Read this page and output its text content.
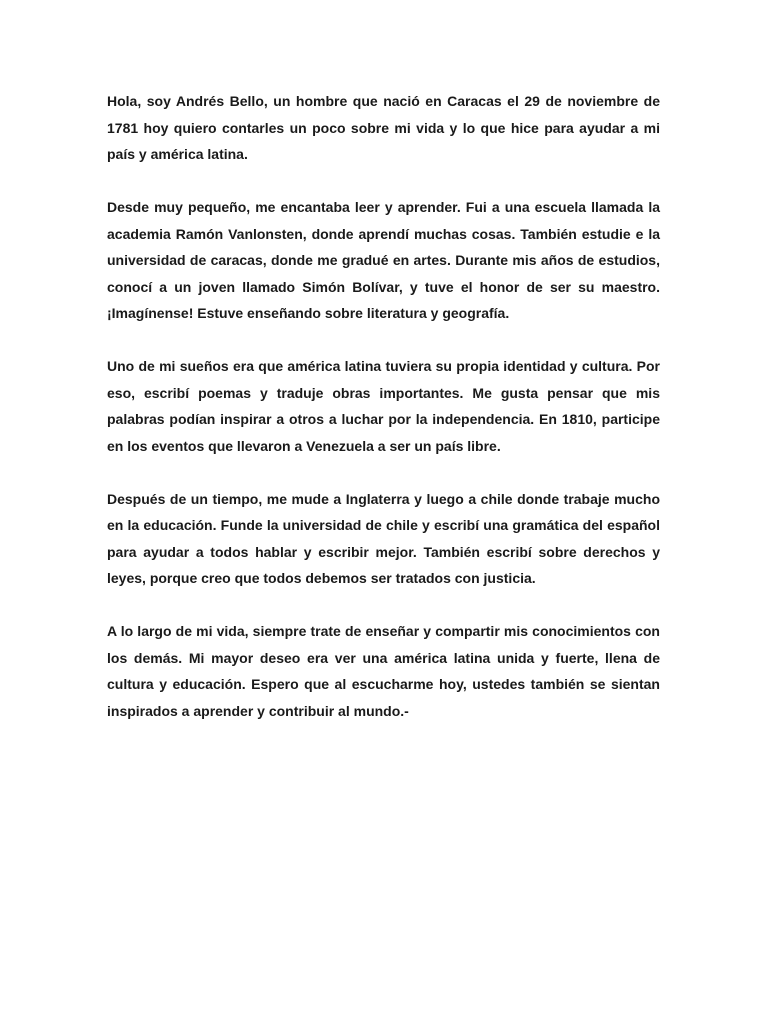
Hola, soy Andrés Bello, un hombre que nació en Caracas el 29 de noviembre de 1781 hoy quiero contarles un poco sobre mi vida y lo que hice para ayudar a mi país y américa latina.

Desde muy pequeño, me encantaba leer y aprender. Fui a una escuela llamada la academia Ramón Vanlonsten, donde aprendí muchas cosas. También estudie e la universidad de caracas, donde me gradué en artes. Durante mis años de estudios, conocí a un joven llamado Simón Bolívar, y tuve el honor de ser su maestro. ¡Imagínense! Estuve enseñando sobre literatura y geografía.

Uno de mi sueños era que américa latina tuviera su propia identidad y cultura. Por eso, escribí poemas y traduje obras importantes. Me gusta pensar que mis palabras podían inspirar a otros a luchar por la independencia. En 1810, participe en los eventos que llevaron a Venezuela a ser un país libre.

Después de un tiempo, me mude a Inglaterra y luego a chile donde trabaje mucho en la educación. Funde la universidad de chile y escribí una gramática del español para ayudar a todos hablar y escribir mejor. También escribí sobre derechos y leyes, porque creo que todos debemos ser tratados con justicia.

A lo largo de mi vida, siempre trate de enseñar y compartir mis conocimientos con los demás. Mi mayor deseo era ver una américa latina unida y fuerte, llena de cultura y educación. Espero que al escucharme hoy, ustedes también se sientan inspirados a aprender y contribuir al mundo.-
